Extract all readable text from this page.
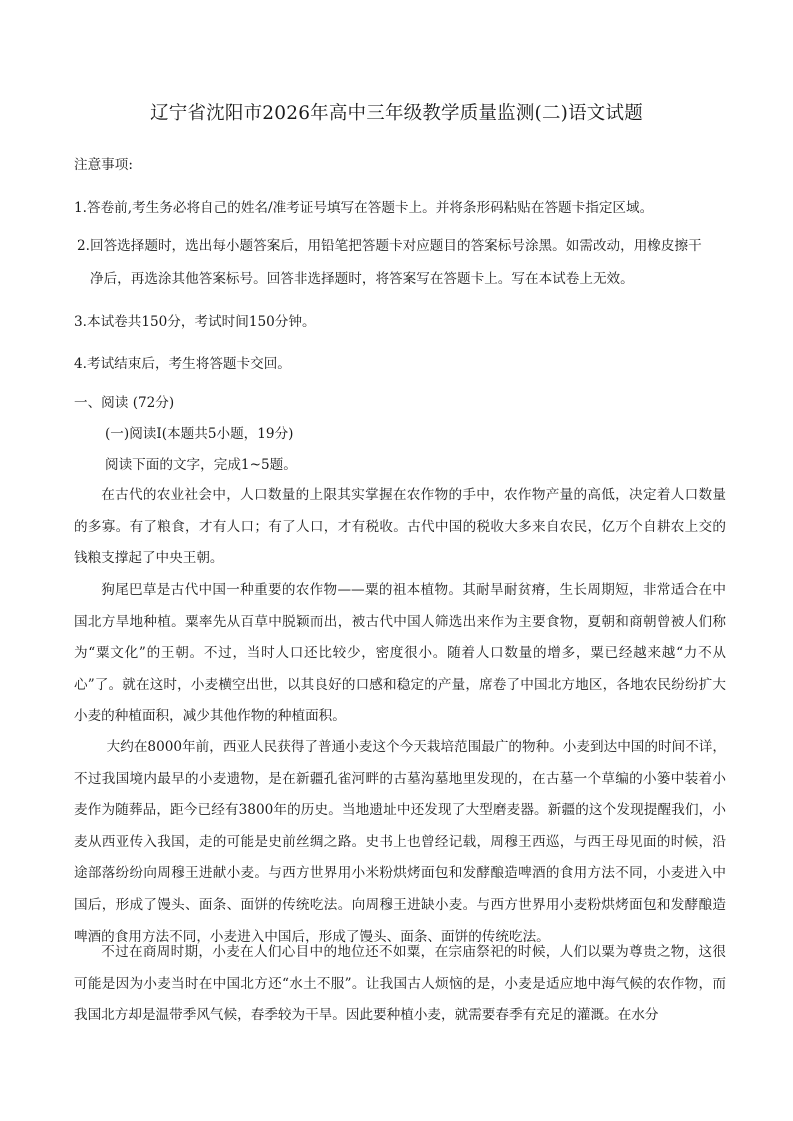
辽宁省沈阳市2026年高中三年级教学质量监测(二)语文试题
注意事项:
1.答卷前,考生务必将自己的姓名/准考证号填写在答题卡上。并将条形码粘贴在答题卡指定区域。
2.回答选择题时，选出每小题答案后，用铅笔把答题卡对应题目的答案标号涂黑。如需改动，用橡皮擦干
净后，再选涂其他答案标号。回答非选择题时，将答案写在答题卡上。写在本试卷上无效。
3.本试卷共150分，考试时间150分钟。
4.考试结束后，考生将答题卡交回。
一、阅读 (72分)
(一)阅读Ⅰ(本题共5小题，19分)
阅读下面的文字，完成1~5题。

在古代的农业社会中，人口数量的上限其实掌握在农作物的手中，农作物产量的高低，决定着人口数量的多寡。有了粮食，才有人口；有了人口，才有税收。古代中国的税收大多来自农民，亿万个自耕农上交的钱粮支撑起了中央王朝。

狗尾巴草是古代中国一种重要的农作物——粟的祖本植物。其耐旱耐贫瘠，生长周期短，非常适合在中国北方旱地种植。粟率先从百草中脱颖而出，被古代中国人筛选出来作为主要食物，夏朝和商朝曾被人们称为“粟文化”的王朝。不过，当时人口还比较少，密度很小。随着人口数量的增多，粟已经越来越“力不从心”了。就在这时，小麦横空出世，以其良好的口感和稳定的产量，席卷了中国北方地区，各地农民纷纷扩大小麦的种植面积，减少其他作物的种植面积。

大约在8000年前，西亚人民获得了普通小麦这个今天栽培范围最广的物种。小麦到达中国的时间不详，不过我国境内最早的小麦遗物，是在新疆孔雀河畔的古墓沟墓地里发现的，在古墓一个草编的小篓中装着小麦作为随葬品，距今已经有3800年的历史。当地遗址中还发现了大型磨麦器。新疆的这个发现提醒我们，小麦从西亚传入我国，走的可能是史前丝绸之路。史书上也曾经记载，周穆王西巡，与西王母见面的时候，沿途部落纷纷向周穆王进献小麦。与西方世界用小米粉烘烤面包和发酵酿造啤酒的食用方法不同，小麦进入中国后，形成了馒头、面条、面饼的传统吃法。向周穆王进缺小麦。与西方世界用小麦粉烘烤面包和发酵酿造啤酒的食用方法不同，小麦进入中国后，形成了馒头、面条、面饼的传统吃法。

不过在商周时期，小麦在人们心目中的地位还不如粟，在宗庙祭祀的时候，人们以粟为尊贵之物，这很可能是因为小麦当时在中国北方还“水土不服”。让我国古人烦恼的是，小麦是适应地中海气候的农作物，而我国北方却是温带季风气候，春季较为干旱。因此要种植小麦，就需要春季有充足的灌溉。在水分
